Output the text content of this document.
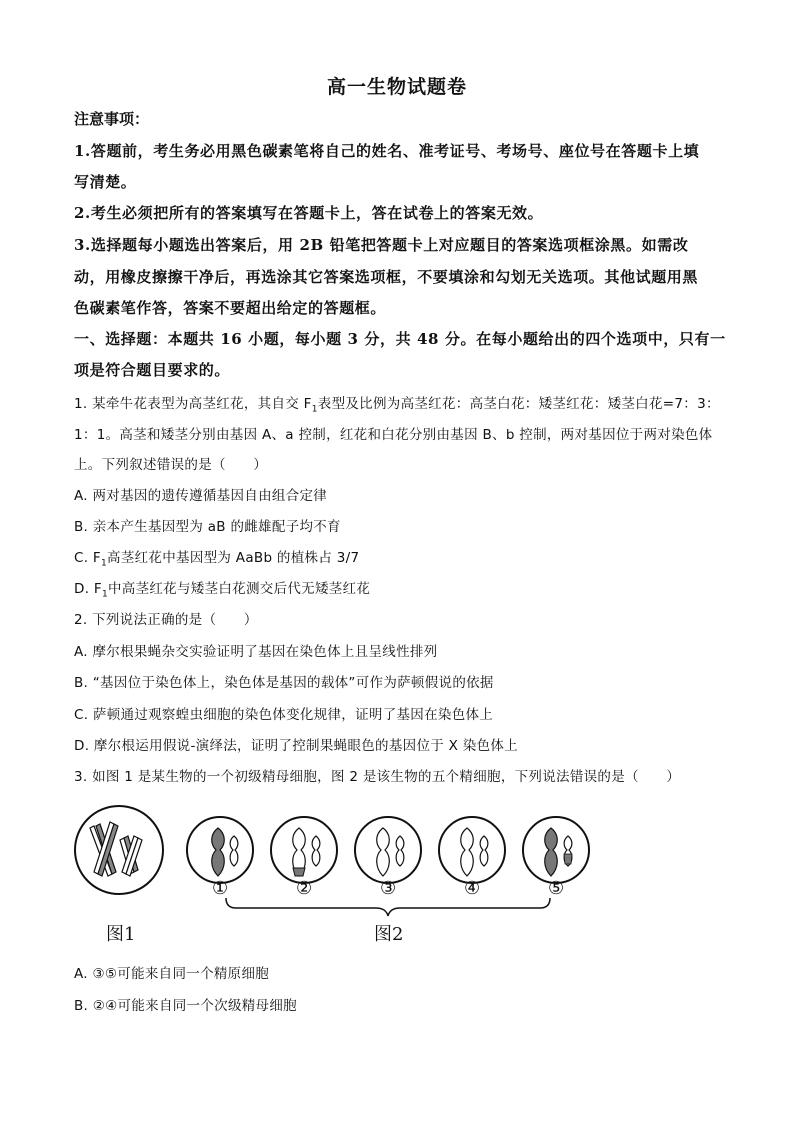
高一生物试题卷
注意事项：
1.答题前，考生务必用黑色碳素笔将自己的姓名、准考证号、考场号、座位号在答题卡上填
写清楚。
2.考生必须把所有的答案填写在答题卡上，答在试卷上的答案无效。
3.选择题每小题选出答案后，用 2B 铅笔把答题卡上对应题目的答案选项框涂黑。如需改
动，用橡皮擦擦干净后，再选涂其它答案选项框，不要填涂和勾划无关选项。其他试题用黑
色碳素笔作答，答案不要超出给定的答题框。
一、选择题：本题共 16 小题，每小题 3 分，共 48 分。在每小题给出的四个选项中，只有一
项是符合题目要求的。
1. 某牵牛花表型为高茎红花，其自交 $F_1$表型及比例为高茎红花：高茎白花：矮茎红花：矮茎白花=7：3：
1：1。高茎和矮茎分别由基因 A、a 控制，红花和白花分别由基因 B、b 控制，两对基因位于两对染色体
上。下列叙述错误的是（　　）
A. 两对基因的遗传遵循基因自由组合定律
B. 亲本产生基因型为 aB 的雌雄配子均不育
C. $F_1$高茎红花中基因型为 AaBb 的植株占 3/7
D. $F_1$中高茎红花与矮茎白花测交后代无矮茎红花
2. 下列说法正确的是（　　）
A. 摩尔根果蝇杂交实验证明了基因在染色体上且呈线性排列
B. “基因位于染色体上，染色体是基因的载体”可作为萨顿假说的依据
C. 萨顿通过观察蝗虫细胞的染色体变化规律，证明了基因在染色体上
D. 摩尔根运用假说-演绎法，证明了控制果蝇眼色的基因位于 X 染色体上
3. 如图 1 是某生物的一个初级精母细胞，图 2 是该生物的五个精细胞，下列说法错误的是（　　）
①	②	③	④	⑤
图1	图2
A. ③⑤可能来自同一个精原细胞
B. ②④可能来自同一个次级精母细胞
